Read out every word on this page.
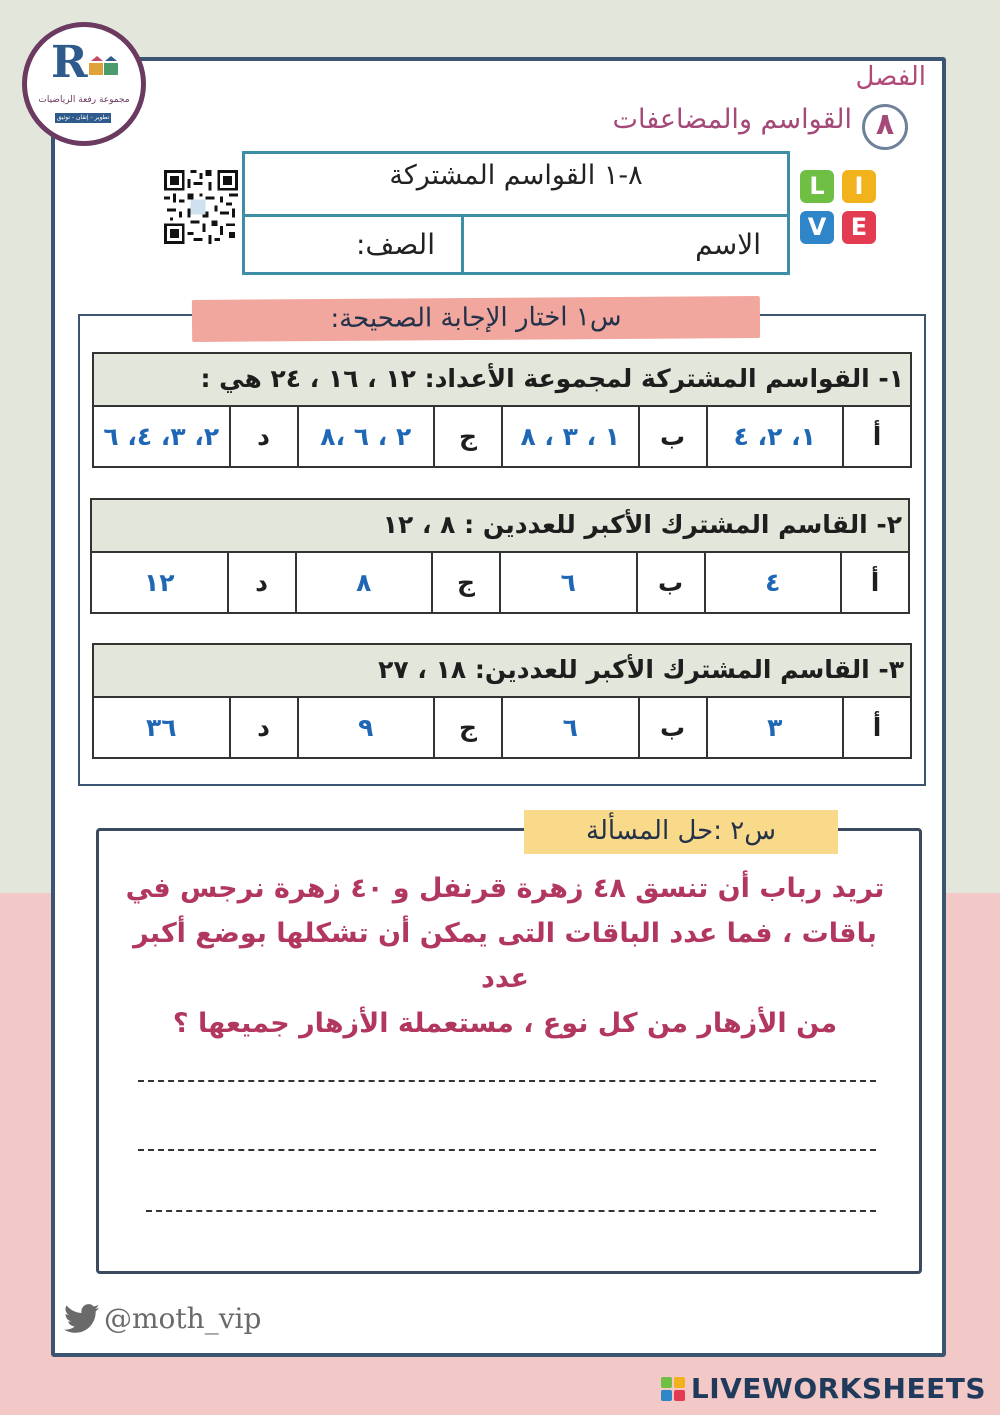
R
مجموعة رفعة الرياضيات
تطوير - إتقان - توثيق
الفصل
٨
القواسم والمضاعفات
L	I
V	E
٨-١ القواسم المشتركة
الاسم
الصف:
س١ اختار الإجابة الصحيحة:
١- القواسم المشتركة لمجموعة الأعداد: ١٢ ، ١٦ ، ٢٤ هي :
أ
١، ٢، ٤
ب
١ ، ٣ ، ٨
ج
٢ ، ٦ ،٨
د
٢، ٣، ٤، ٦
٢- القاسم المشترك الأكبر للعددين : ٨ ، ١٢
أ
٤
ب
٦
ج
٨
د
١٢
٣- القاسم المشترك الأكبر للعددين: ١٨ ، ٢٧
أ
٣
ب
٦
ج
٩
د
٣٦
س٢ :حل المسألة
تريد رباب أن تنسق ٤٨ زهرة قرنفل و ٤٠ زهرة نرجس في
باقات ، فما عدد الباقات التى يمكن أن تشكلها بوضع أكبر عدد
من الأزهار من كل نوع ، مستعملة الأزهار جميعها ؟
@moth_vip
LIVEWORKSHEETS
